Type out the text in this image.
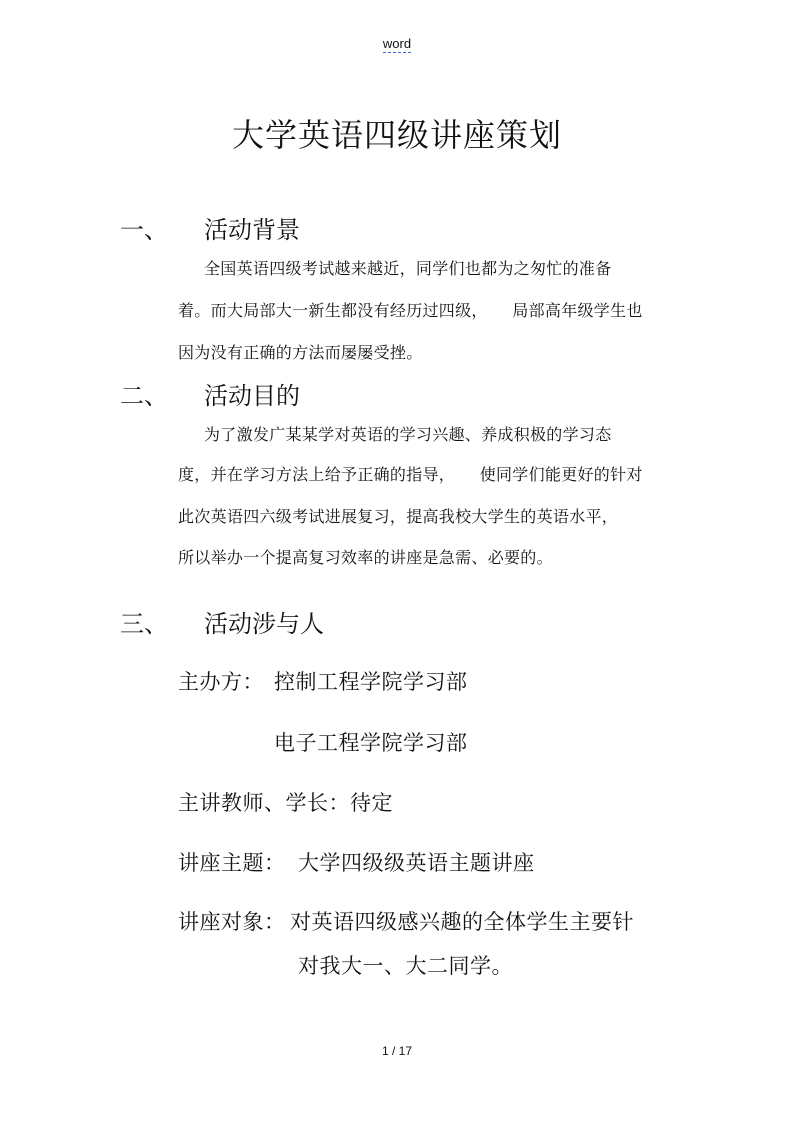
word
大学英语四级讲座策划
一、 活动背景
全国英语四级考试越来越近，同学们也都为之匆忙的准备
着。而大局部大一新生都没有经历过四级，　　局部高年级学生也
因为没有正确的方法而屡屡受挫。
二、 活动目的
为了激发广某某学对英语的学习兴趣、养成积极的学习态
度，并在学习方法上给予正确的指导，　　使同学们能更好的针对
此次英语四六级考试进展复习，提高我校大学生的英语水平，
所以举办一个提高复习效率的讲座是急需、必要的。
三、 活动涉与人
主办方： 控制工程学院学习部
电子工程学院学习部
主讲教师、学长：待定
讲座主题： 大学四级级英语主题讲座
讲座对象： 对英语四级感兴趣的全体学生主要针
对我大一、大二同学。
1 / 17
